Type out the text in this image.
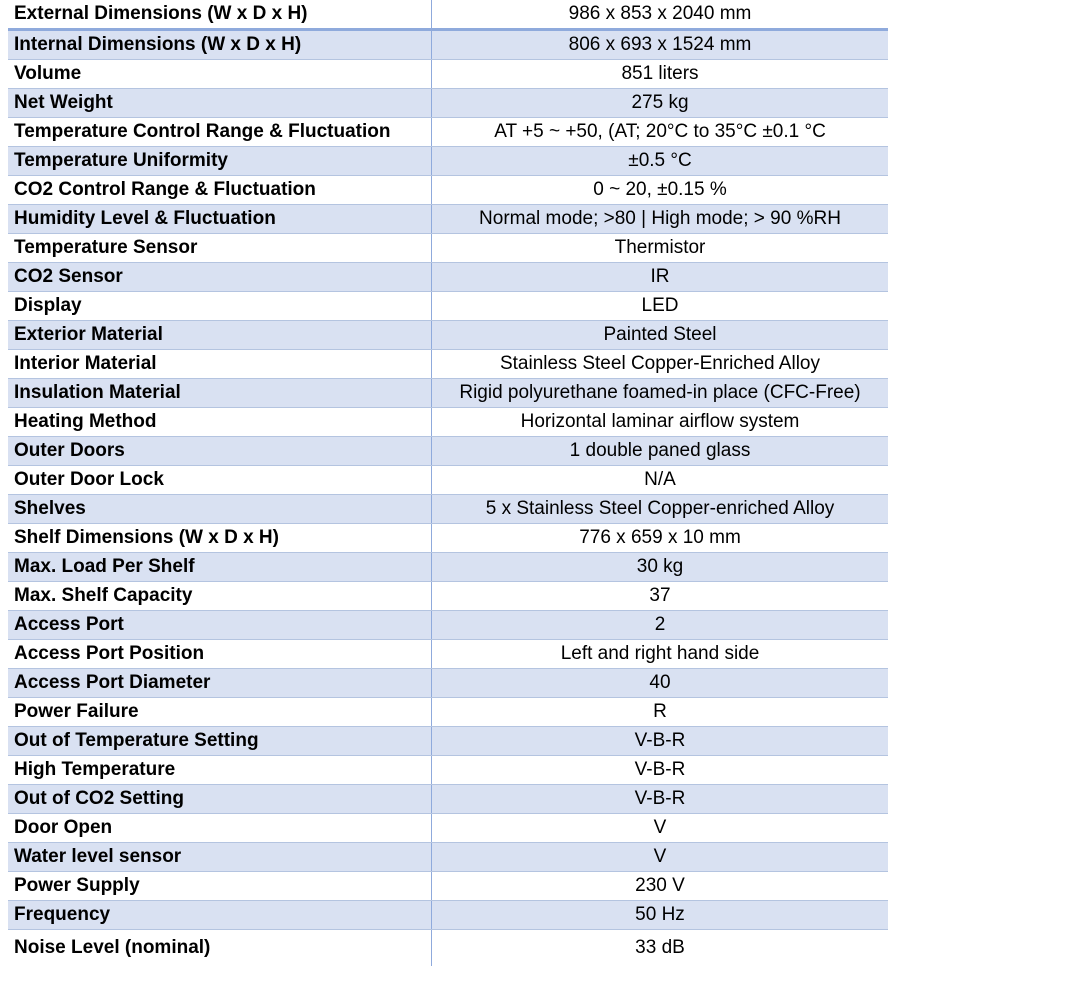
External Dimensions (W x D x H)	986 x 853 x 2040 mm
Internal Dimensions (W x D x H)	806 x 693 x 1524 mm
Volume	851 liters
Net Weight	275 kg
Temperature Control Range & Fluctuation	AT +5 ~ +50, (AT; 20°C to 35°C ±0.1 °C
Temperature Uniformity	±0.5 °C
CO2 Control Range & Fluctuation	0 ~ 20, ±0.15 %
Humidity Level & Fluctuation	Normal mode; >80 | High mode; > 90 %RH
Temperature Sensor	Thermistor
CO2 Sensor	IR
Display	LED
Exterior Material	Painted Steel
Interior Material	Stainless Steel Copper-Enriched Alloy
Insulation Material	Rigid polyurethane foamed-in place (CFC-Free)
Heating Method	Horizontal laminar airflow system
Outer Doors	1 double paned glass
Outer Door Lock	N/A
Shelves	5 x Stainless Steel Copper-enriched Alloy
Shelf Dimensions (W x D x H)	776 x 659 x 10 mm
Max. Load Per Shelf	30 kg
Max. Shelf Capacity	37
Access Port	2
Access Port Position	Left and right hand side
Access Port Diameter	40
Power Failure	R
Out of Temperature Setting	V-B-R
High Temperature	V-B-R
Out of CO2 Setting	V-B-R
Door Open	V
Water level sensor	V
Power Supply	230 V
Frequency	50 Hz
Noise Level (nominal)	33 dB
